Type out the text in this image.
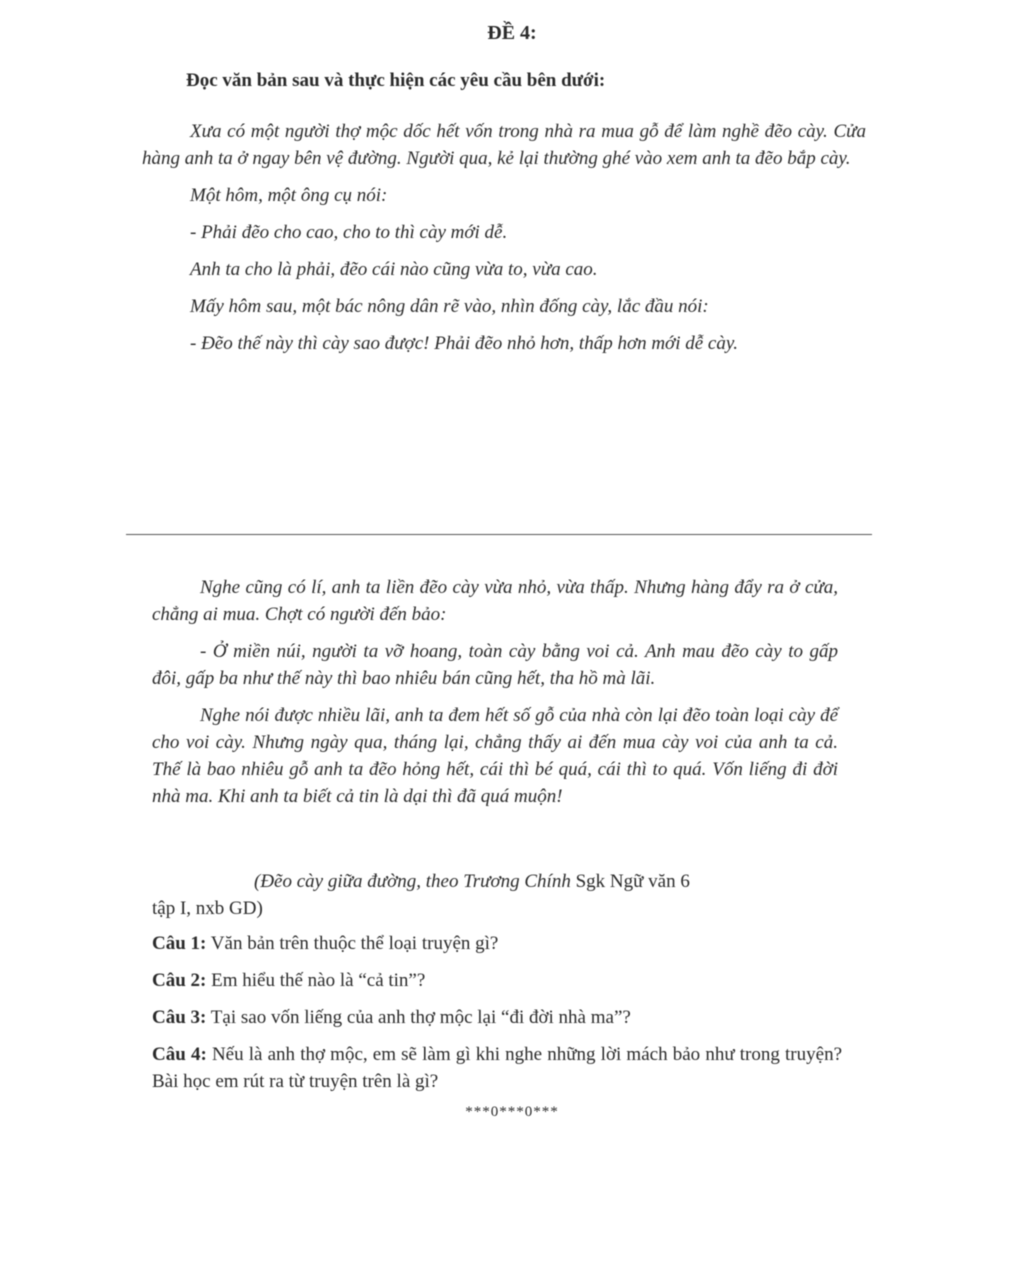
ĐỀ 4:
Đọc văn bản sau và thực hiện các yêu cầu bên dưới:

Xưa có một người thợ mộc dốc hết vốn trong nhà ra mua gỗ để làm nghề đẽo cày. Cửa hàng anh ta ở ngay bên vệ đường. Người qua, kẻ lại thường ghé vào xem anh ta đẽo bắp cày.

Một hôm, một ông cụ nói:

- Phải đẽo cho cao, cho to thì cày mới dễ.

Anh ta cho là phải, đẽo cái nào cũng vừa to, vừa cao.

Mấy hôm sau, một bác nông dân rẽ vào, nhìn đống cày, lắc đầu nói:

- Đẽo thế này thì cày sao được! Phải đẽo nhỏ hơn, thấp hơn mới dễ cày.

Nghe cũng có lí, anh ta liền đẽo cày vừa nhỏ, vừa thấp. Nhưng hàng đẩy ra ở cửa, chẳng ai mua. Chợt có người đến bảo:

- Ở miền núi, người ta vỡ hoang, toàn cày bằng voi cả. Anh mau đẽo cày to gấp đôi, gấp ba như thế này thì bao nhiêu bán cũng hết, tha hồ mà lãi.

Nghe nói được nhiều lãi, anh ta đem hết số gỗ của nhà còn lại đẽo toàn loại cày để cho voi cày. Nhưng ngày qua, tháng lại, chẳng thấy ai đến mua cày voi của anh ta cả. Thế là bao nhiêu gỗ anh ta đẽo hỏng hết, cái thì bé quá, cái thì to quá. Vốn liếng đi đời nhà ma. Khi anh ta biết cả tin là dại thì đã quá muộn!

(Đẽo cày giữa đường, theo Trương Chính Sgk Ngữ văn 6
tập I, nxb GD)

Câu 1: Văn bản trên thuộc thể loại truyện gì?

Câu 2: Em hiểu thế nào là “cả tin”?

Câu 3: Tại sao vốn liếng của anh thợ mộc lại “đi đời nhà ma”?

Câu 4: Nếu là anh thợ mộc, em sẽ làm gì khi nghe những lời mách bảo như trong truyện? Bài học em rút ra từ truyện trên là gì?

***0***0***
